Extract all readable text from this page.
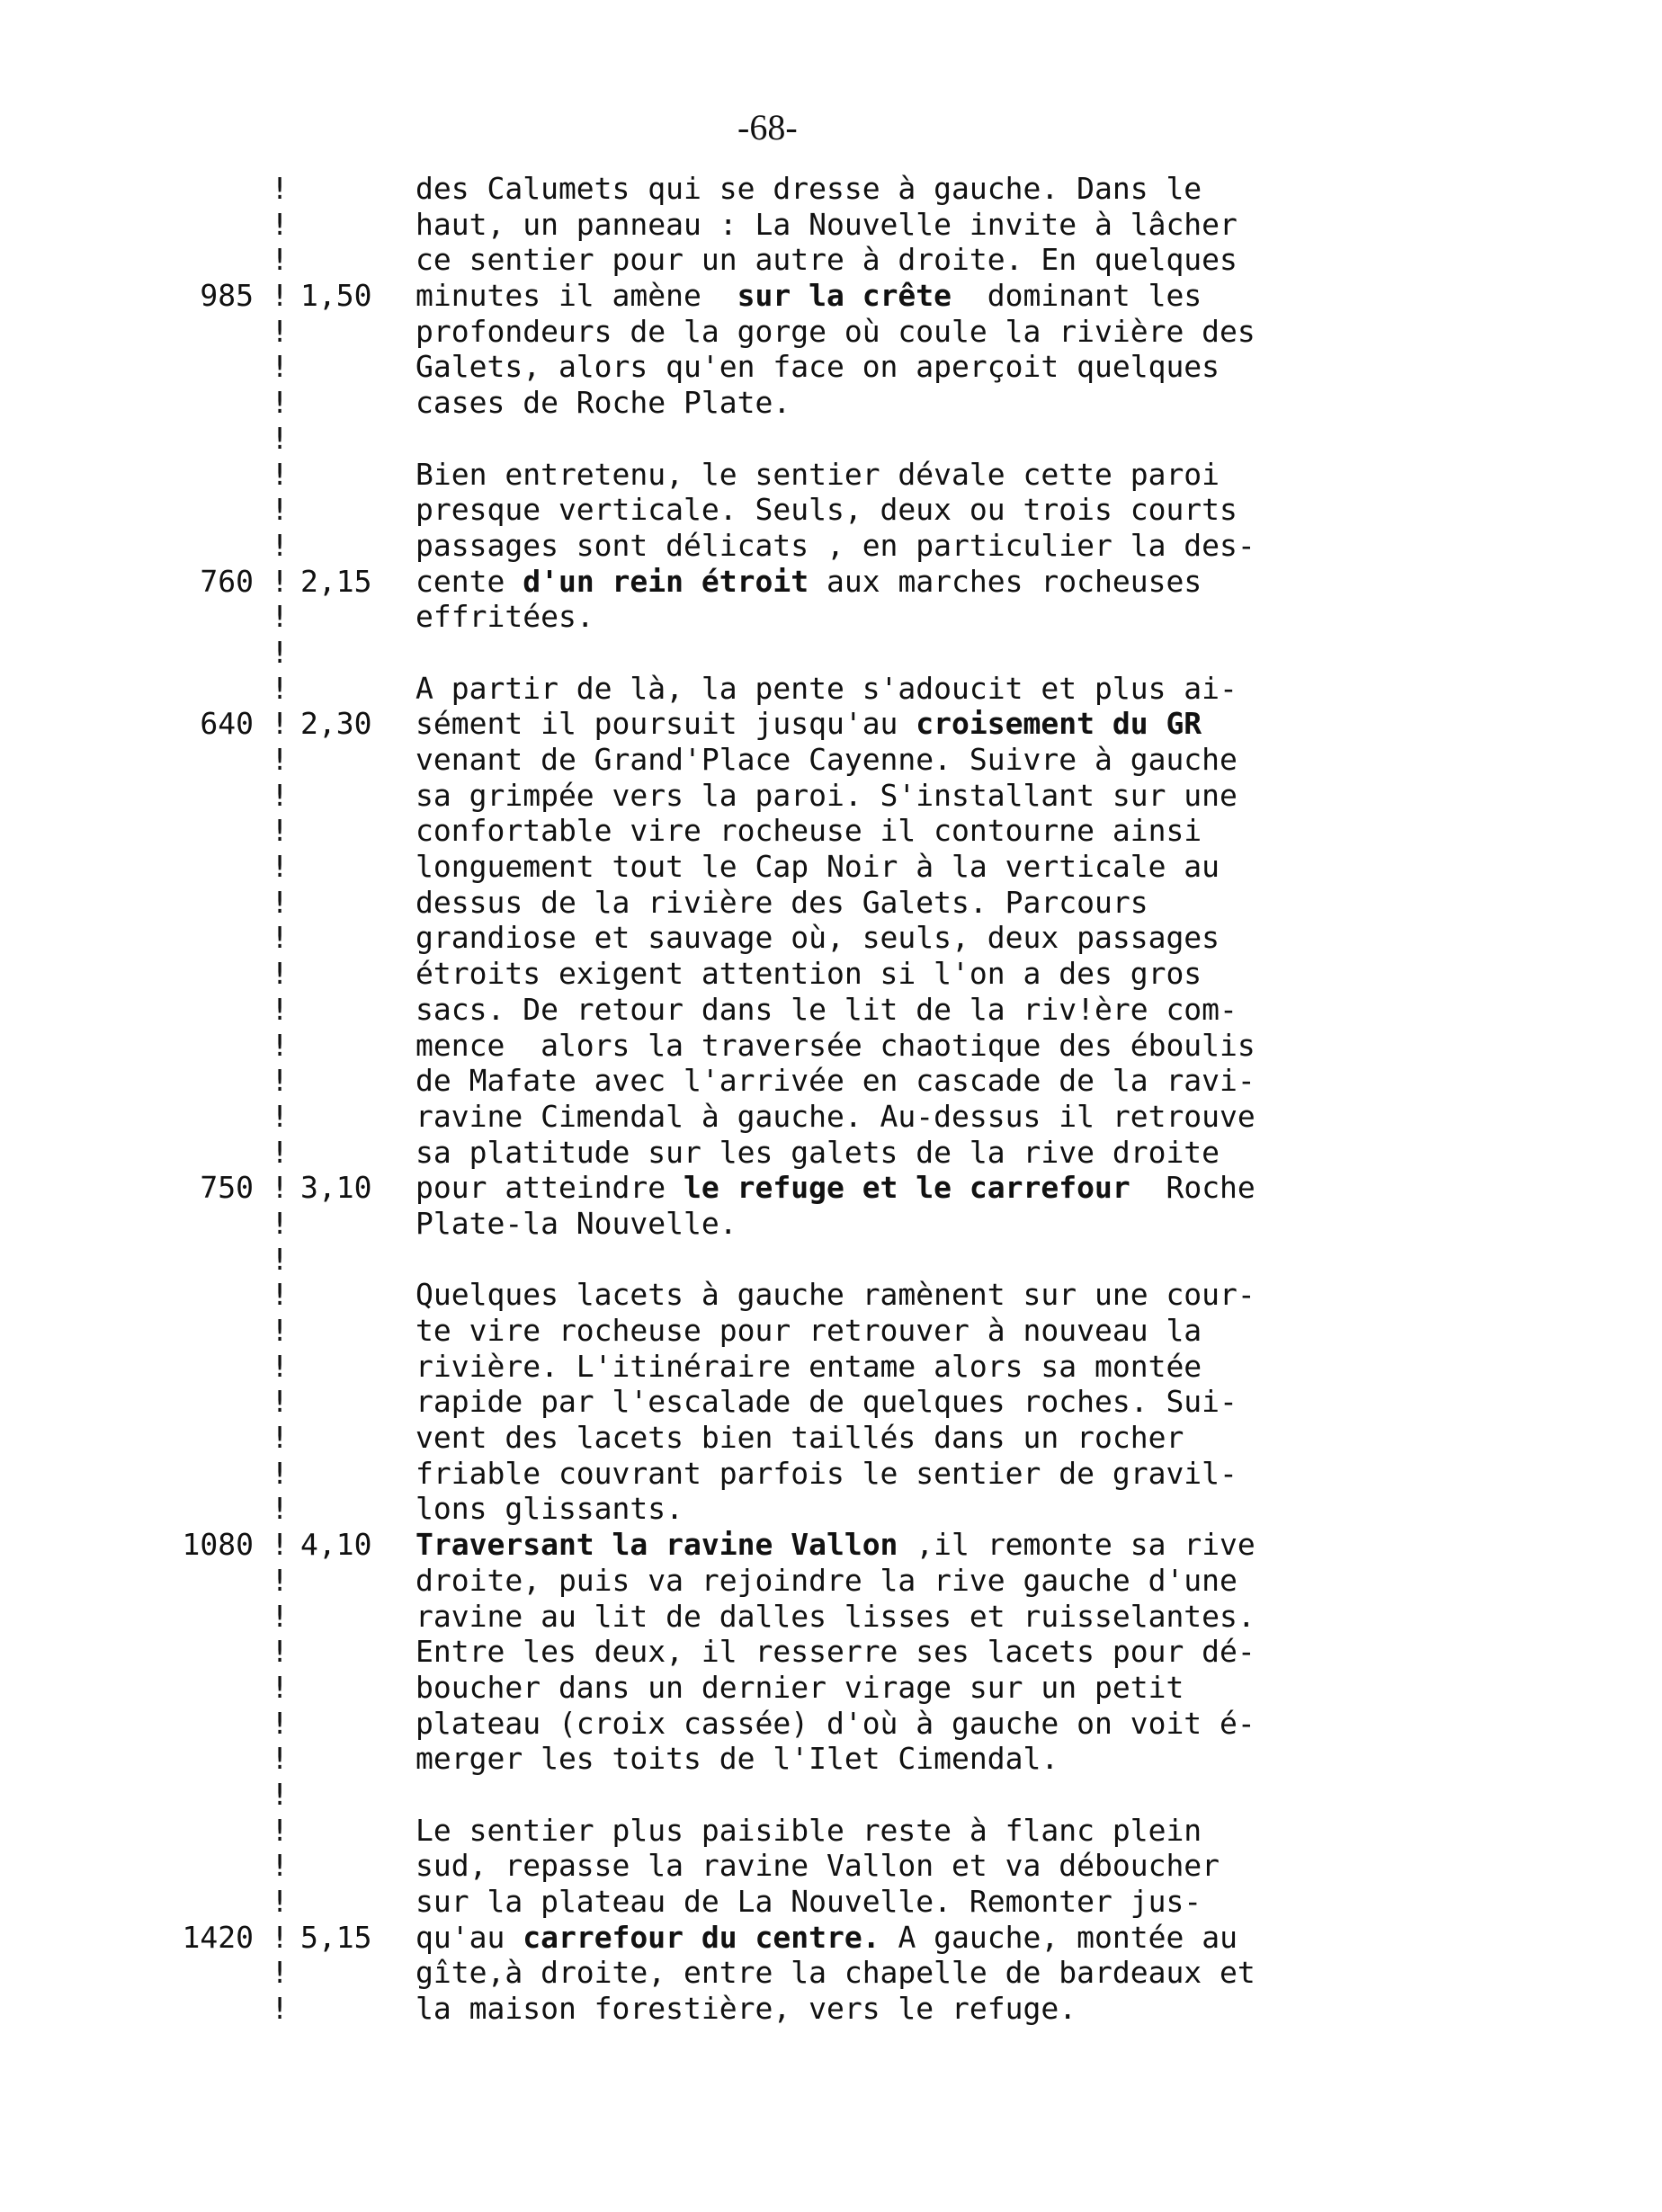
-68-
!	des Calumets qui se dresse à gauche. Dans le
!	haut, un panneau : La Nouvelle invite à lâcher
!	ce sentier pour un autre à droite. En quelques
985 ! 1,50	minutes il amène  sur la crête  dominant les
!	profondeurs de la gorge où coule la rivière des
!	Galets, alors qu'en face on aperçoit quelques
!	cases de Roche Plate.
!
!	Bien entretenu, le sentier dévale cette paroi
!	presque verticale. Seuls, deux ou trois courts
!	passages sont délicats , en particulier la des-
760 ! 2,15	cente d'un rein étroit aux marches rocheuses
!	effritées.
!
!	A partir de là, la pente s'adoucit et plus ai-
640 ! 2,30	sément il poursuit jusqu'au croisement du GR
!	venant de Grand'Place Cayenne. Suivre à gauche
!	sa grimpée vers la paroi. S'installant sur une
!	confortable vire rocheuse il contourne ainsi
!	longuement tout le Cap Noir à la verticale au
!	dessus de la rivière des Galets. Parcours
!	grandiose et sauvage où, seuls, deux passages
!	étroits exigent attention si l'on a des gros
!	sacs. De retour dans le lit de la riv!ère com-
!	mence  alors la traversée chaotique des éboulis
!	de Mafate avec l'arrivée en cascade de la ravi-
!	ravine Cimendal à gauche. Au-dessus il retrouve
!	sa platitude sur les galets de la rive droite
750 ! 3,10	pour atteindre le refuge et le carrefour  Roche
!	Plate-la Nouvelle.
!
!	Quelques lacets à gauche ramènent sur une cour-
!	te vire rocheuse pour retrouver à nouveau la
!	rivière. L'itinéraire entame alors sa montée
!	rapide par l'escalade de quelques roches. Sui-
!	vent des lacets bien taillés dans un rocher
!	friable couvrant parfois le sentier de gravil-
!	lons glissants.
1080 ! 4,10	Traversant la ravine Vallon ,il remonte sa rive
!	droite, puis va rejoindre la rive gauche d'une
!	ravine au lit de dalles lisses et ruisselantes.
!	Entre les deux, il resserre ses lacets pour dé-
!	boucher dans un dernier virage sur un petit
!	plateau (croix cassée) d'où à gauche on voit é-
!	merger les toits de l'Ilet Cimendal.
!
!	Le sentier plus paisible reste à flanc plein
!	sud, repasse la ravine Vallon et va déboucher
!	sur la plateau de La Nouvelle. Remonter jus-
1420 ! 5,15	qu'au carrefour du centre. A gauche, montée au
!	gîte,à droite, entre la chapelle de bardeaux et
!	la maison forestière, vers le refuge.
